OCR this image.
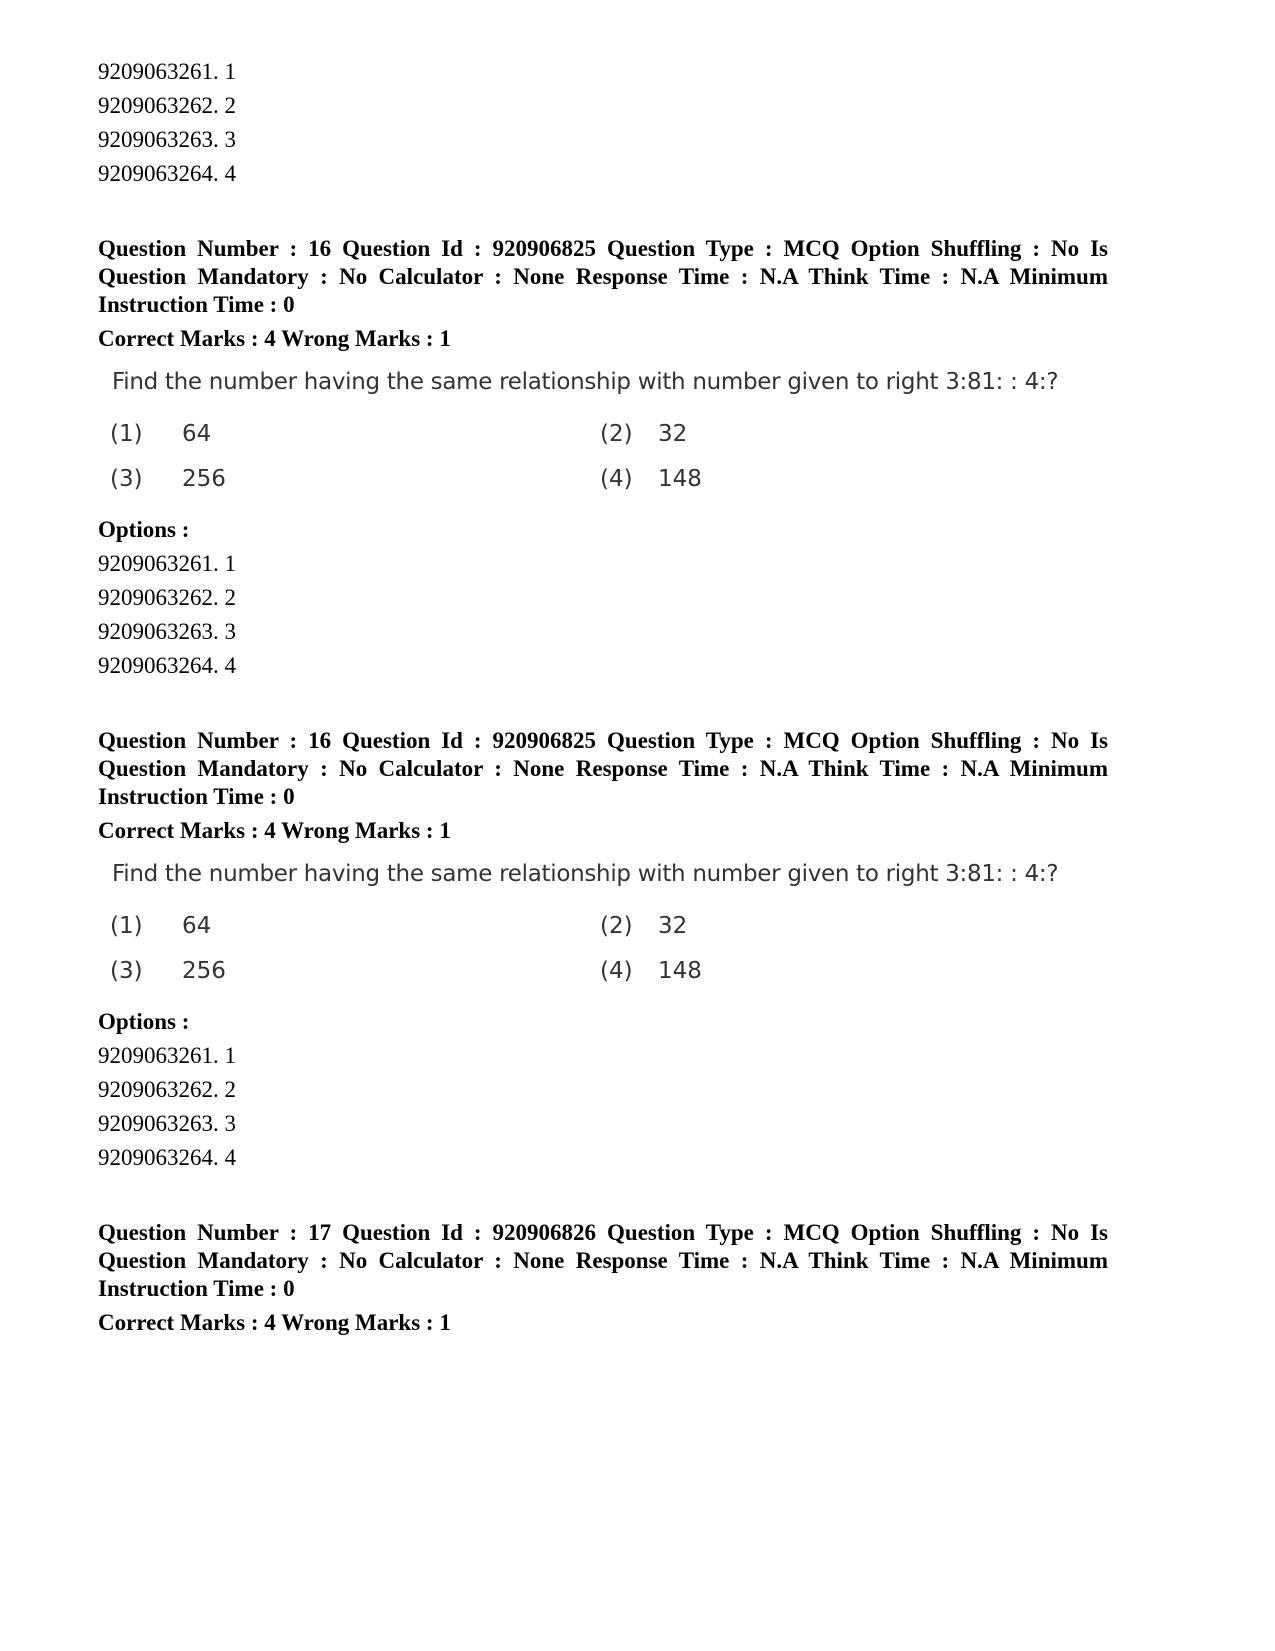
9209063261. 1
9209063262. 2
9209063263. 3
9209063264. 4
Question Number : 16 Question Id : 920906825 Question Type : MCQ Option Shuffling : No Is Question Mandatory : No Calculator : None Response Time : N.A Think Time : N.A Minimum Instruction Time : 0
Correct Marks : 4 Wrong Marks : 1
Find the number having the same relationship with number given to right 3:81: : 4:?
(1) 64	(2) 32
(3) 256	(4) 148
Options :
9209063261. 1
9209063262. 2
9209063263. 3
9209063264. 4
Question Number : 16 Question Id : 920906825 Question Type : MCQ Option Shuffling : No Is Question Mandatory : No Calculator : None Response Time : N.A Think Time : N.A Minimum Instruction Time : 0
Correct Marks : 4 Wrong Marks : 1
Find the number having the same relationship with number given to right 3:81: : 4:?
(1) 64	(2) 32
(3) 256	(4) 148
Options :
9209063261. 1
9209063262. 2
9209063263. 3
9209063264. 4
Question Number : 17 Question Id : 920906826 Question Type : MCQ Option Shuffling : No Is Question Mandatory : No Calculator : None Response Time : N.A Think Time : N.A Minimum Instruction Time : 0
Correct Marks : 4 Wrong Marks : 1
